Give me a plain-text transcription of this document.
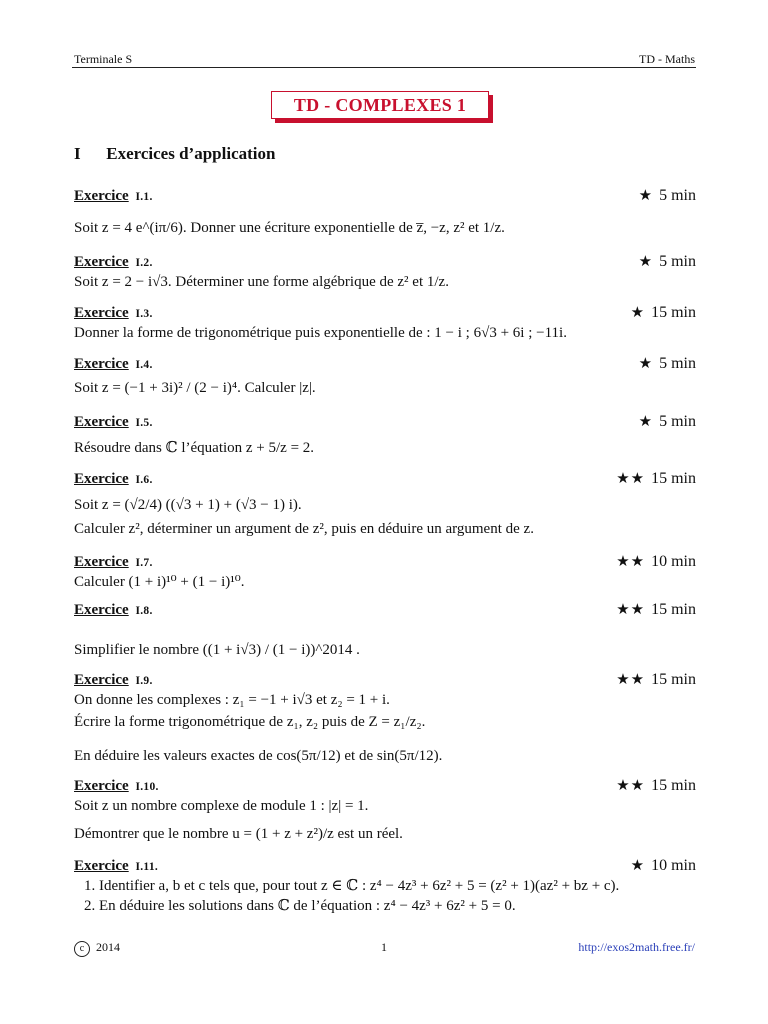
Terminale S	TD - Maths
TD - COMPLEXES 1
I Exercices d’application
Exercice I.1.	★ 5 min
Soit z = 4 e^(iπ/6). Donner une écriture exponentielle de z̅, −z, z² et 1/z.
Exercice I.2.	★ 5 min
Soit z = 2 − i√3. Déterminer une forme algébrique de z² et 1/z.
Exercice I.3.	★ 15 min
Donner la forme de trigonométrique puis exponentielle de : 1 − i ; 6√3 + 6i ; −11i.
Exercice I.4.	★ 5 min
Soit z = (−1 + 3i)² / (2 − i)⁴. Calculer |z|.
Exercice I.5.	★ 5 min
Résoudre dans ℂ l’équation z + 5/z = 2.
Exercice I.6.	★★ 15 min
Soit z = (√2/4) ((√3 + 1) + (√3 − 1) i).
Calculer z², déterminer un argument de z², puis en déduire un argument de z.
Exercice I.7.	★★ 10 min
Calculer (1 + i)¹⁰ + (1 − i)¹⁰.
Exercice I.8.	★★ 15 min
Simplifier le nombre ((1 + i√3) / (1 − i))^2014 .
Exercice I.9.	★★ 15 min
On donne les complexes : z₁ = −1 + i√3 et z₂ = 1 + i.
Écrire la forme trigonométrique de z₁, z₂ puis de Z = z₁/z₂.
En déduire les valeurs exactes de cos(5π/12) et de sin(5π/12).
Exercice I.10.	★★ 15 min
Soit z un nombre complexe de module 1 : |z| = 1.
Démontrer que le nombre u = (1 + z + z²)/z est un réel.
Exercice I.11.	★ 10 min
1. Identifier a, b et c tels que, pour tout z ∈ ℂ : z⁴ − 4z³ + 6z² + 5 = (z² + 1)(az² + bz + c).
2. En déduire les solutions dans ℂ de l’équation : z⁴ − 4z³ + 6z² + 5 = 0.
c 2014	1	http://exos2math.free.fr/
